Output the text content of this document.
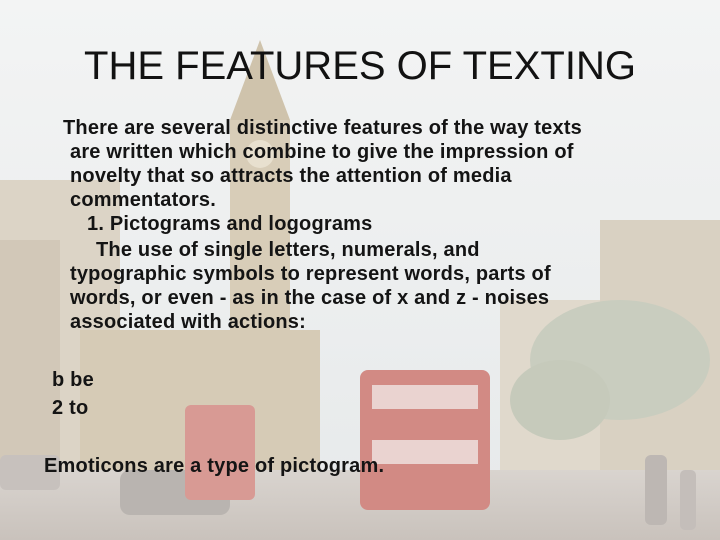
THE FEATURES OF TEXTING
There are several distinctive features of the way texts
are written which combine to give the impression of
novelty that so attracts the attention of media
commentators.
1. Pictograms and logograms
The use of single letters, numerals, and
typographic symbols to represent words, parts of
words, or even - as in the case of x and z - noises
associated with actions:
b be
2 to
Emoticons are a type of pictogram.
